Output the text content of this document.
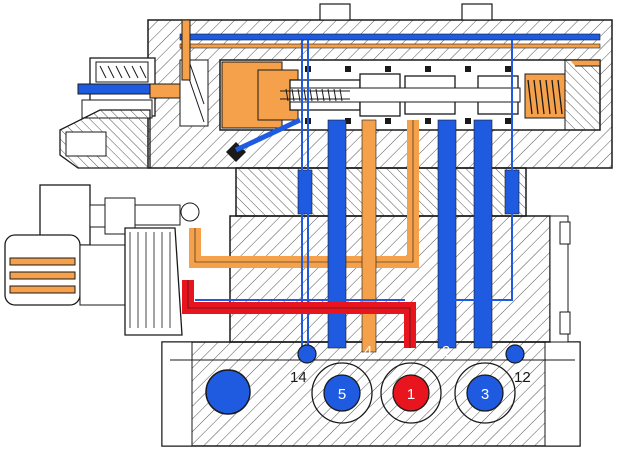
5	1	3
14	12
4	2
